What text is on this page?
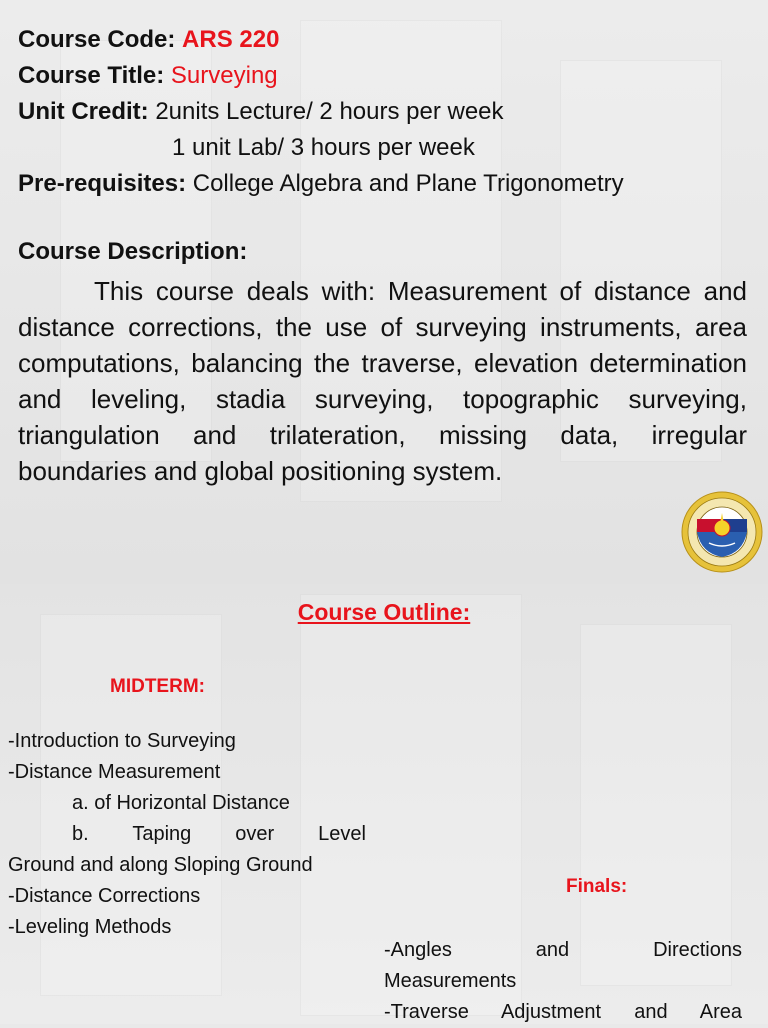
Course Code: ARS 220
Course Title: Surveying
Unit Credit: 2units Lecture/ 2 hours per week
1 unit Lab/ 3 hours per week
Pre-requisites: College Algebra and Plane Trigonometry
Course Description:
This course deals with: Measurement of distance and distance corrections, the use of surveying instruments, area computations, balancing the traverse, elevation determination and leveling, stadia surveying, topographic surveying, triangulation and trilateration, missing data, irregular boundaries and global positioning system.
Course Outline:
MIDTERM:
-Introduction to Surveying
-Distance Measurement
a. of Horizontal Distance
b. Taping over Level
Ground and along Sloping Ground
-Distance Corrections
-Leveling Methods
Finals:
-Angles and Directions
Measurements
-Traverse Adjustment and Area
